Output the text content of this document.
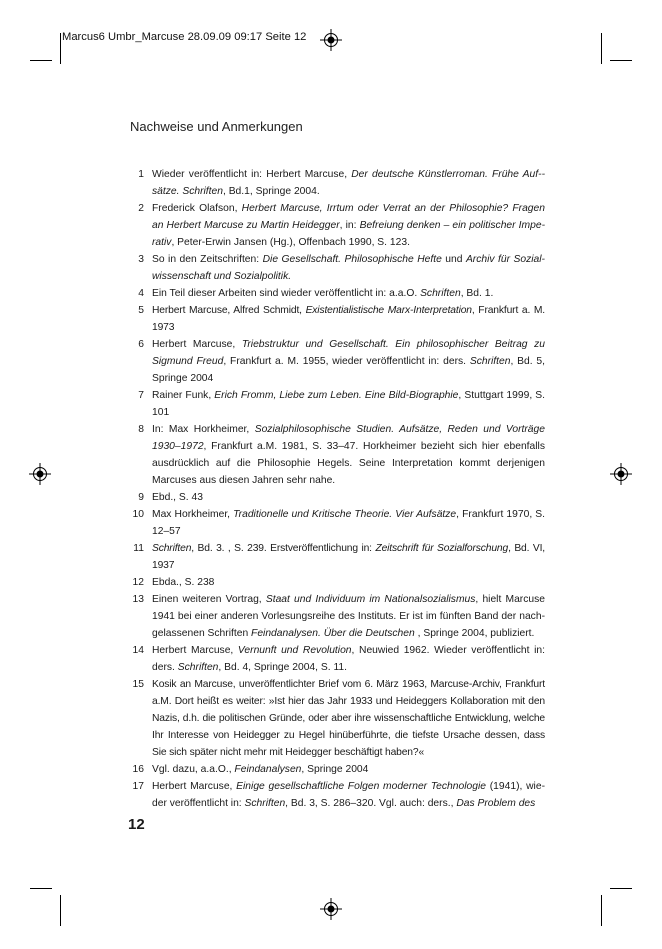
Marcus6 Umbr_Marcuse 28.09.09 09:17 Seite 12
Nachweise und Anmerkungen
1 Wieder veröffentlicht in: Herbert Marcuse, Der deutsche Künstlerroman. Frühe Auf-sätze. Schriften, Bd.1, Springe 2004.
2 Frederick Olafson, Herbert Marcuse, Irrtum oder Verrat an der Philosophie? Fragen an Herbert Marcuse zu Martin Heidegger, in: Befreiung denken – ein politischer Imperativ, Peter-Erwin Jansen (Hg.), Offenbach 1990, S. 123.
3 So in den Zeitschriften: Die Gesellschaft. Philosophische Hefte und Archiv für Sozialwissenschaft und Sozialpolitik.
4 Ein Teil dieser Arbeiten sind wieder veröffentlicht in: a.a.O. Schriften, Bd. 1.
5 Herbert Marcuse, Alfred Schmidt, Existentialistische Marx-Interpretation, Frankfurt a. M. 1973
6 Herbert Marcuse, Triebstruktur und Gesellschaft. Ein philosophischer Beitrag zu Sigmund Freud, Frankfurt a. M. 1955, wieder veröffentlicht in: ders. Schriften, Bd. 5, Springe 2004
7 Rainer Funk, Erich Fromm, Liebe zum Leben. Eine Bild-Biographie, Stuttgart 1999, S. 101
8 In: Max Horkheimer, Sozialphilosophische Studien. Aufsätze, Reden und Vorträge 1930–1972, Frankfurt a.M. 1981, S. 33–47. Horkheimer bezieht sich hier ebenfalls ausdrücklich auf die Philosophie Hegels. Seine Interpretation kommt derjenigen Marcuses aus diesen Jahren sehr nahe.
9 Ebd., S. 43
10 Max Horkheimer, Traditionelle und Kritische Theorie. Vier Aufsätze, Frankfurt 1970, S. 12–57
11 Schriften, Bd. 3. , S. 239. Erstveröffentlichung in: Zeitschrift für Sozialforschung, Bd. VI, 1937
12 Ebda., S. 238
13 Einen weiteren Vortrag, Staat und Individuum im Nationalsozialismus, hielt Marcuse 1941 bei einer anderen Vorlesungsreihe des Instituts. Er ist im fünften Band der nachgelassenen Schriften Feindanalysen. Über die Deutschen , Springe 2004, publiziert.
14 Herbert Marcuse, Vernunft und Revolution, Neuwied 1962. Wieder veröffentlicht in: ders. Schriften, Bd. 4, Springe 2004, S. 11.
15 Kosik an Marcuse, unveröffentlichter Brief vom 6. März 1963, Marcuse-Archiv, Frankfurt a.M. Dort heißt es weiter: »Ist hier das Jahr 1933 und Heideggers Kollaboration mit den Nazis, d.h. die politischen Gründe, oder aber ihre wissenschaftliche Entwicklung, welche Ihr Interesse von Heidegger zu Hegel hinüberführte, die tiefste Ursache dessen, dass Sie sich später nicht mehr mit Heidegger beschäftigt haben?«
16 Vgl. dazu, a.a.O., Feindanalysen, Springe 2004
17 Herbert Marcuse, Einige gesellschaftliche Folgen moderner Technologie (1941), wieder veröffentlicht in: Schriften, Bd. 3, S. 286–320. Vgl. auch: ders., Das Problem des
12
